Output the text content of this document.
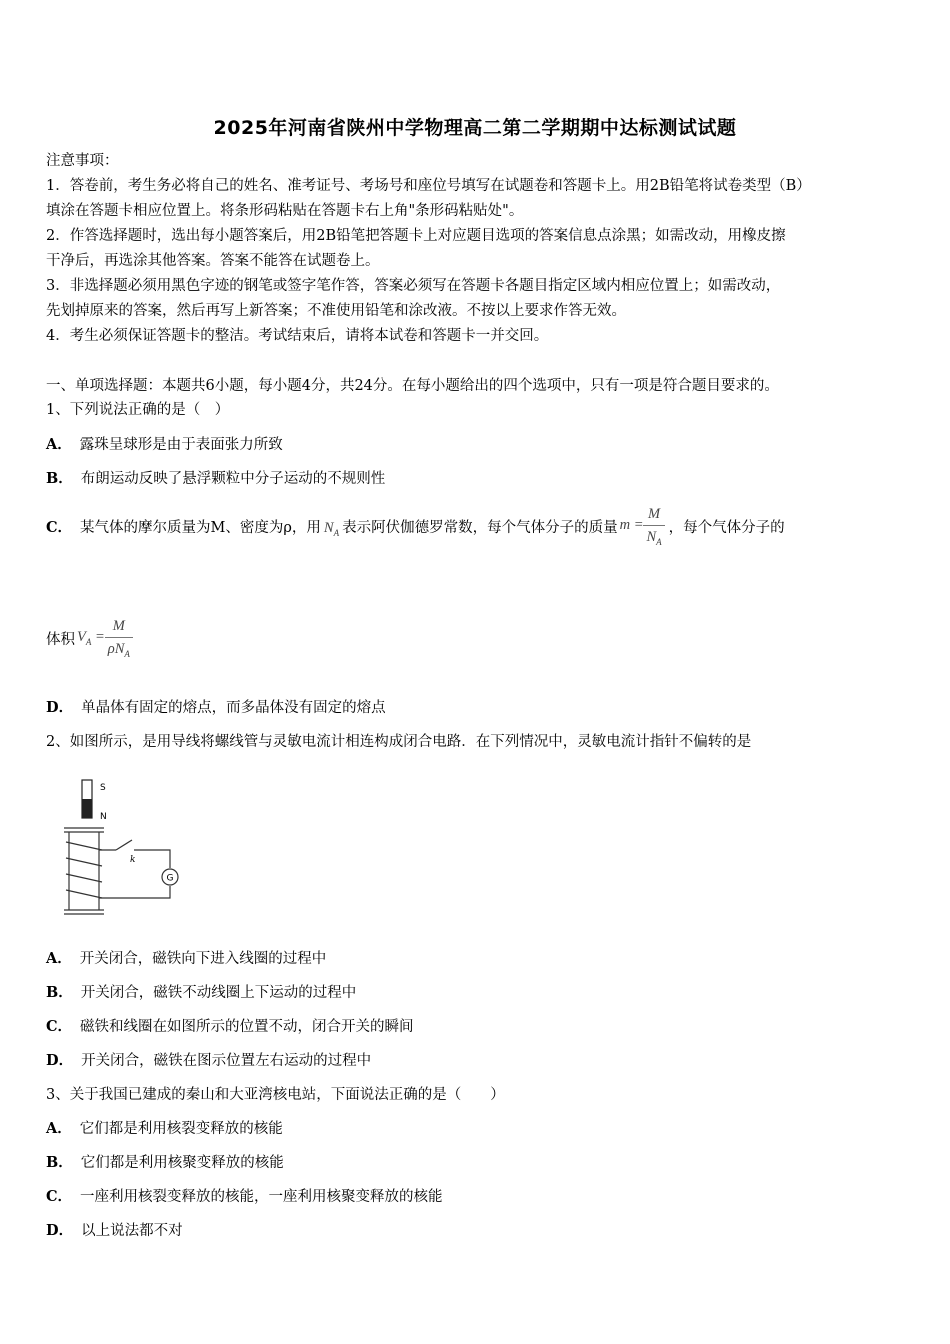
2025年河南省陕州中学物理高二第二学期期中达标测试试题
注意事项：
1．答卷前，考生务必将自己的姓名、准考证号、考场号和座位号填写在试题卷和答题卡上。用2B铅笔将试卷类型（B）
填涂在答题卡相应位置上。将条形码粘贴在答题卡右上角"条形码粘贴处"。
2．作答选择题时，选出每小题答案后，用2B铅笔把答题卡上对应题目选项的答案信息点涂黑；如需改动，用橡皮擦
干净后，再选涂其他答案。答案不能答在试题卷上。
3．非选择题必须用黑色字迹的钢笔或签字笔作答，答案必须写在答题卡各题目指定区域内相应位置上；如需改动，
先划掉原来的答案，然后再写上新答案；不准使用铅笔和涂改液。不按以上要求作答无效。
4．考生必须保证答题卡的整洁。考试结束后，请将本试卷和答题卡一并交回。
一、单项选择题：本题共6小题，每小题4分，共24分。在每小题给出的四个选项中，只有一项是符合题目要求的。
1、下列说法正确的是（　）
A． 露珠呈球形是由于表面张力所致
B． 布朗运动反映了悬浮颗粒中分子运动的不规则性
C． 某气体的摩尔质量为M、密度为ρ，用 $N_A$ 表示阿伏伽德罗常数，每个气体分子的质量 $m = \frac{M}{N_A}$ ，每个气体分子的
体积 $V_A = \frac{M}{\rho N_A}$
D． 单晶体有固定的熔点，而多晶体没有固定的熔点
2、如图所示，是用导线将螺线管与灵敏电流计相连构成闭合电路．在下列情况中，灵敏电流计指针不偏转的是
S
N
G
k
A． 开关闭合，磁铁向下进入线圈的过程中
B． 开关闭合，磁铁不动线圈上下运动的过程中
C． 磁铁和线圈在如图所示的位置不动，闭合开关的瞬间
D． 开关闭合，磁铁在图示位置左右运动的过程中
3、关于我国已建成的秦山和大亚湾核电站，下面说法正确的是（　　）
A． 它们都是利用核裂变释放的核能
B． 它们都是利用核聚变释放的核能
C． 一座利用核裂变释放的核能，一座利用核聚变释放的核能
D． 以上说法都不对
